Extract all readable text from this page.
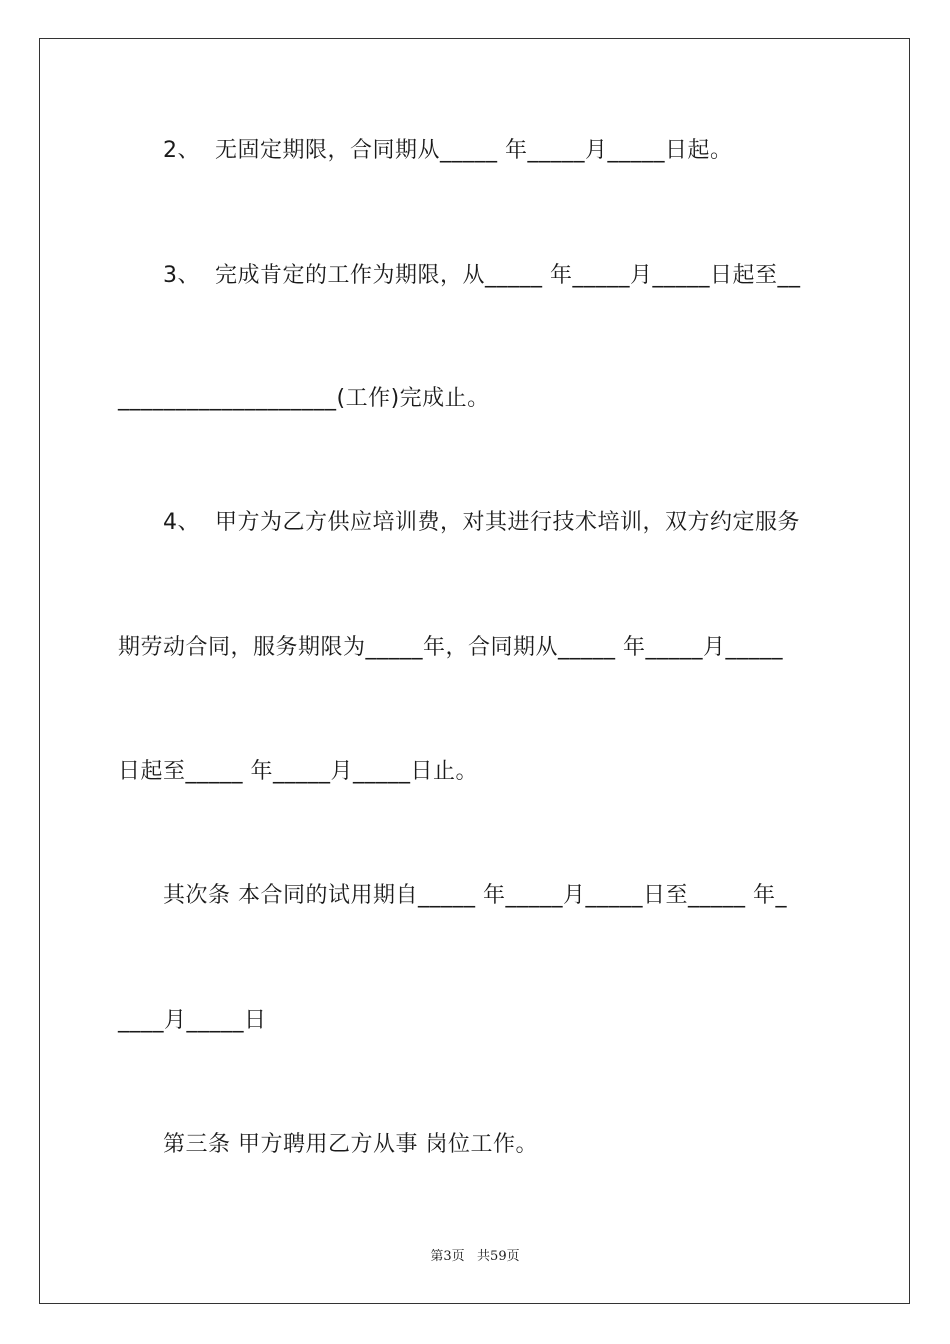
2、  无固定期限，合同期从_____ 年_____月_____日起。

3、  完成肯定的工作为期限，从_____ 年_____月_____日起至__

___________________(工作)完成止。

4、  甲方为乙方供应培训费，对其进行技术培训，双方约定服务

期劳动合同，服务期限为_____年，合同期从_____ 年_____月_____

日起至_____ 年_____月_____日止。

其次条 本合同的试用期自_____ 年_____月_____日至_____ 年_

____月_____日

第三条 甲方聘用乙方从事 岗位工作。

第3页   共59页
